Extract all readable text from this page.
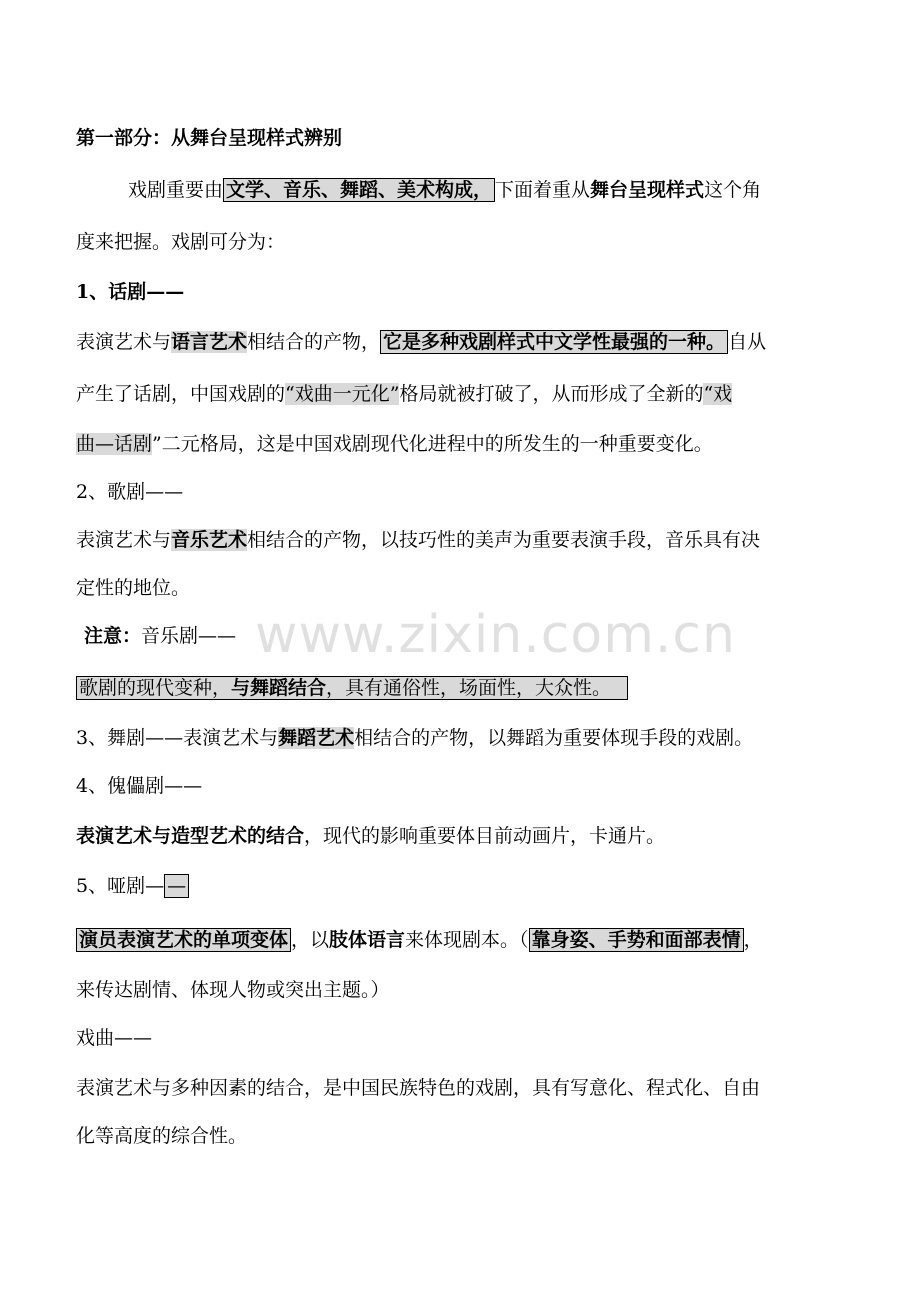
第一部分：从舞台呈现样式辨别
戏剧重要由 文学、音乐、舞蹈、美术构成， 下面着重从舞台呈现样式这个角
度来把握。戏剧可分为：
1、话剧——
表演艺术与语言艺术相结合的产物， 它是多种戏剧样式中文学性最强的一种。 自从
产生了话剧，中国戏剧的“戏曲一元化”格局就被打破了，从而形成了全新的“戏
曲—话剧”二元格局，这是中国戏剧现代化进程中的所发生的一种重要变化。
2、歌剧——
表演艺术与音乐艺术相结合的产物，以技巧性的美声为重要表演手段，音乐具有决
定性的地位。
注意：音乐剧——
歌剧的现代变种，与舞蹈结合，具有通俗性，场面性，大众性。
3、舞剧——表演艺术与舞蹈艺术相结合的产物，以舞蹈为重要体现手段的戏剧。
4、傀儡剧——
表演艺术与造型艺术的结合，现代的影响重要体目前动画片，卡通片。
5、哑剧— —
演员表演艺术的单项变体 ，以肢体语言来体现剧本。（ 靠身姿、手势和面部表情 ，
来传达剧情、体现人物或突出主题。）
戏曲——
表演艺术与多种因素的结合，是中国民族特色的戏剧，具有写意化、程式化、自由
化等高度的综合性。
www.zixin.com.cn
